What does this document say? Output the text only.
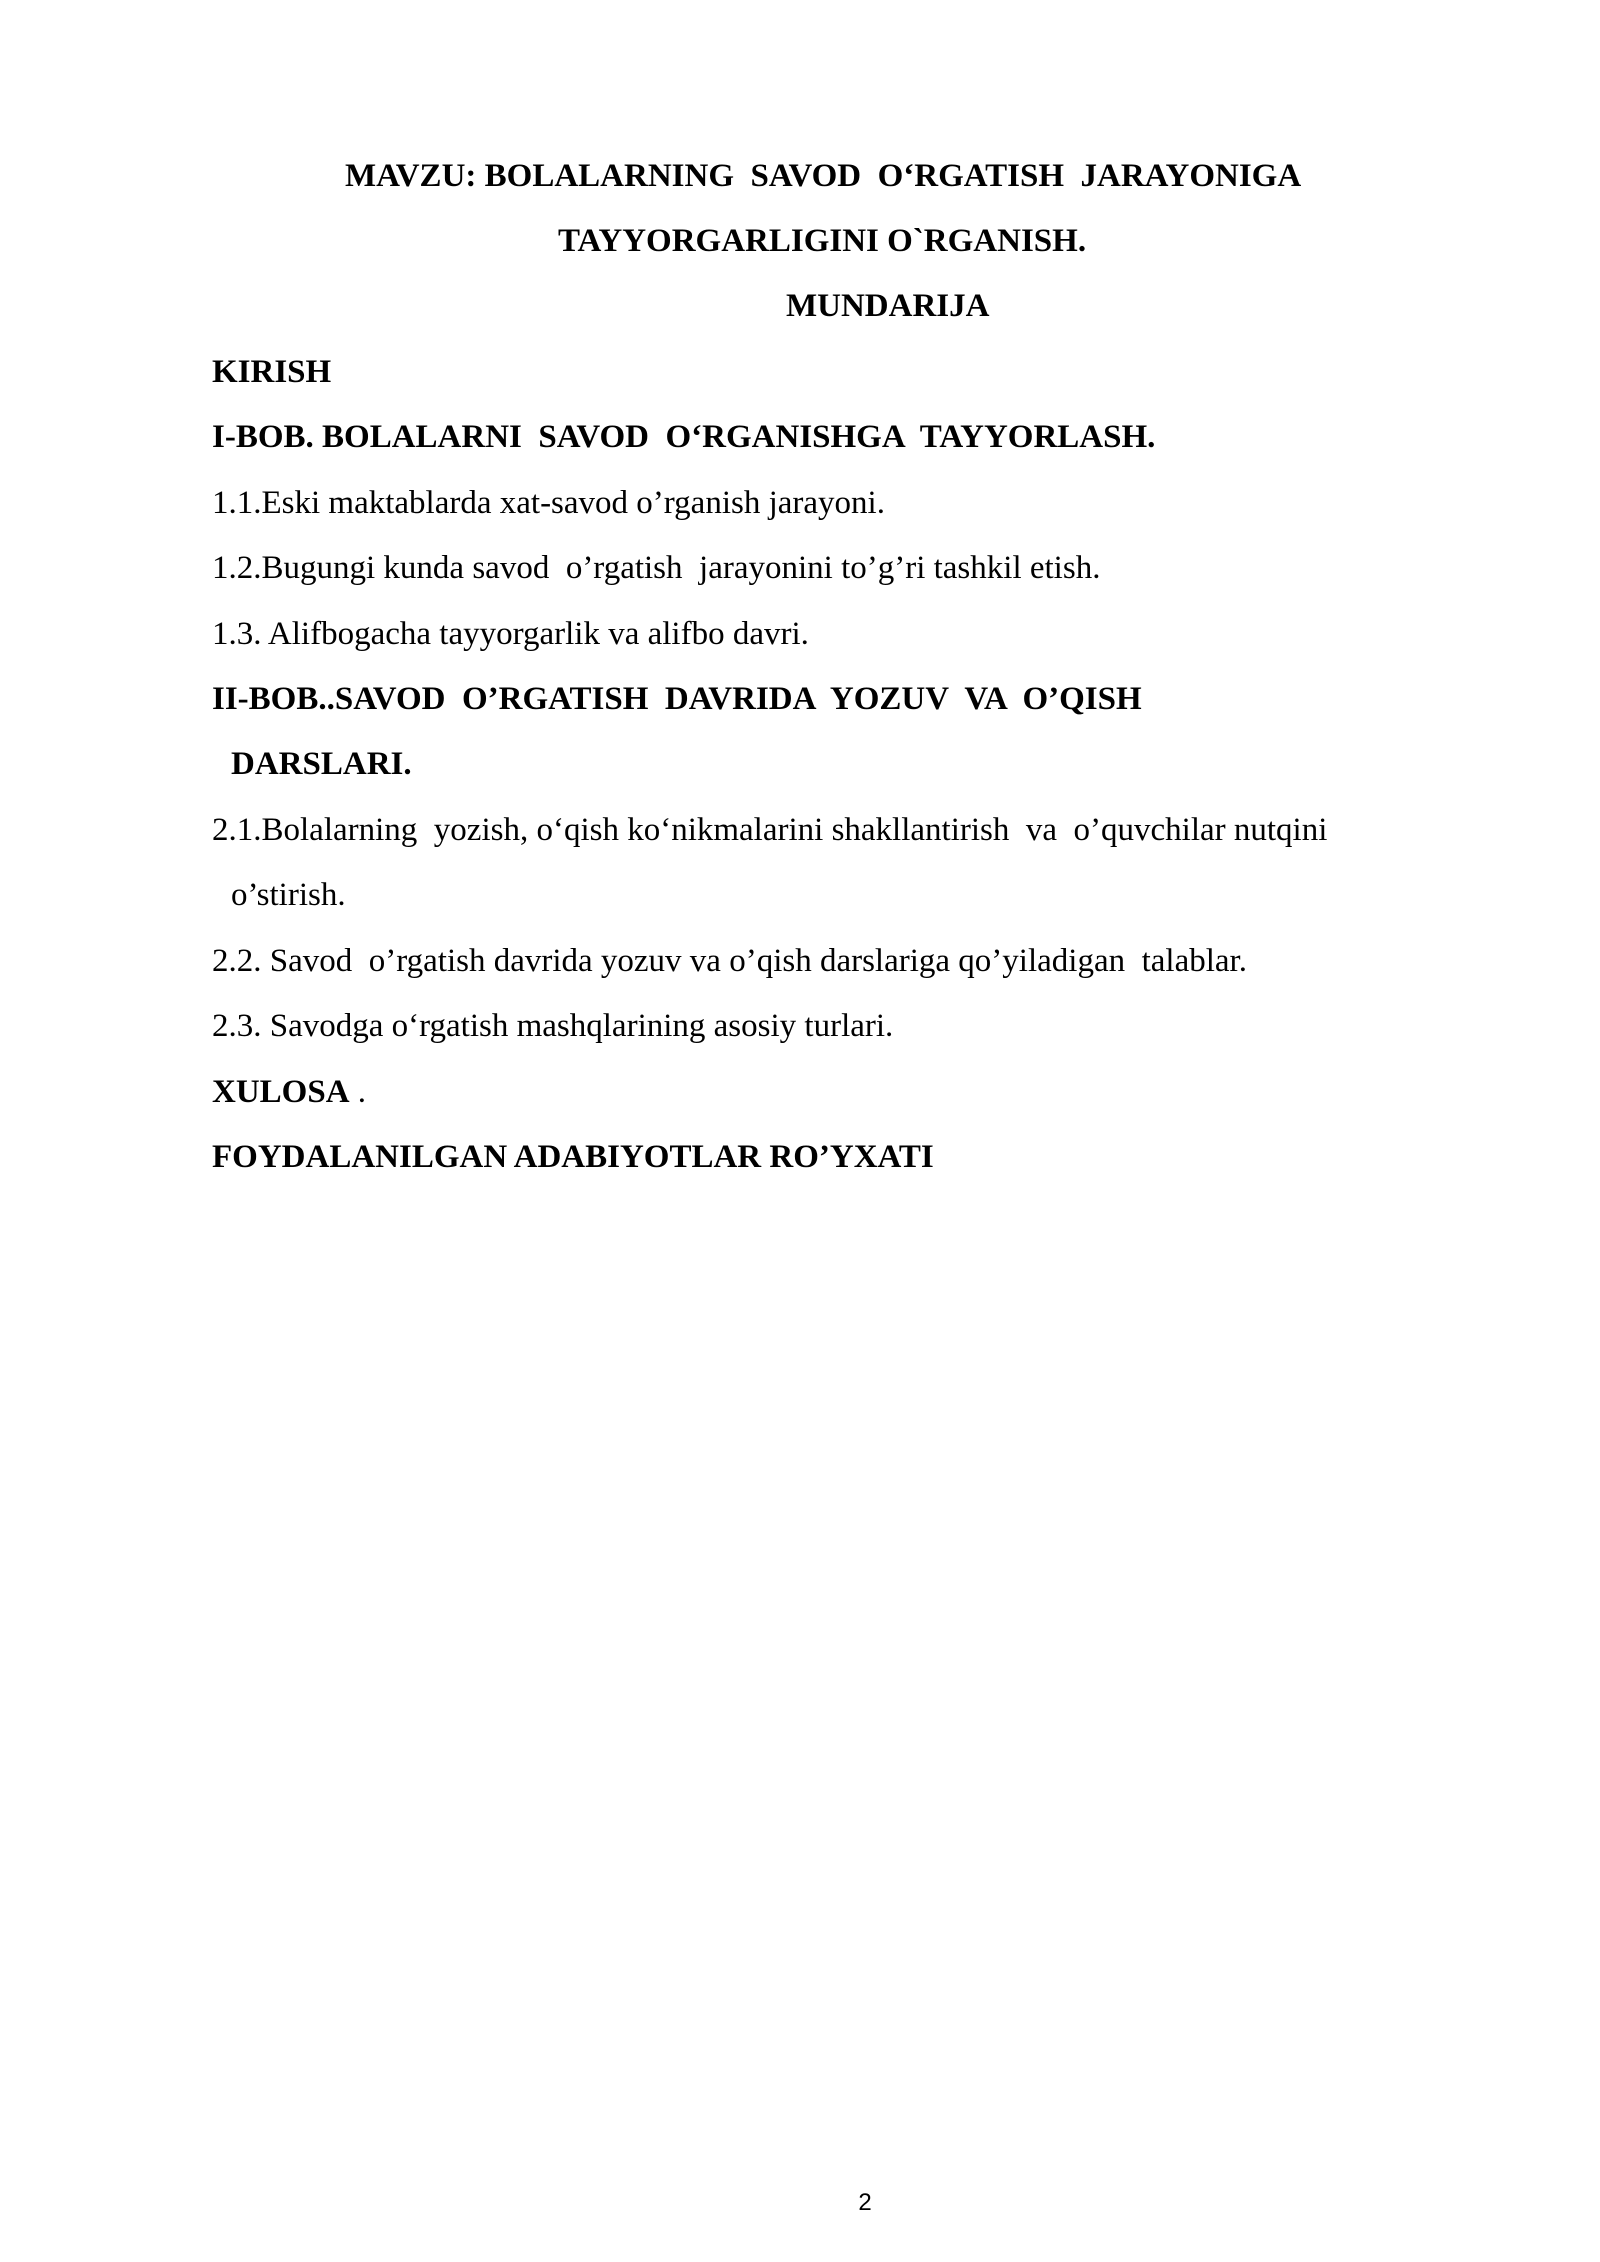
MAVZU: BOLALARNING  SAVOD  O‘RGATISH  JARAYONIGA
TAYYORGARLIGINI O`RGANISH.
MUNDARIJA
KIRISH
I-BOB. BOLALARNI  SAVOD  O‘RGANISHGA  TAYYORLASH.
1.1.Eski maktablarda xat-savod o’rganish jarayoni.
1.2.Bugungi kunda savod  o’rgatish  jarayonini to’g’ri tashkil etish.
1.3. Alifbogacha tayyorgarlik va alifbo davri.
II-BOB..SAVOD  O’RGATISH  DAVRIDA  YOZUV  VA  O’QISH
DARSLARI.
2.1.Bolalarning  yozish, o‘qish ko‘nikmalarini shakllantirish  va  o’quvchilar nutqini
o’stirish.
2.2. Savod  o’rgatish davrida yozuv va o’qish darslariga qo’yiladigan  talablar.
2.3. Savodga o‘rgatish mashqlarining asosiy turlari.
XULOSA .
FOYDALANILGAN ADABIYOTLAR RO’YXATI
2
